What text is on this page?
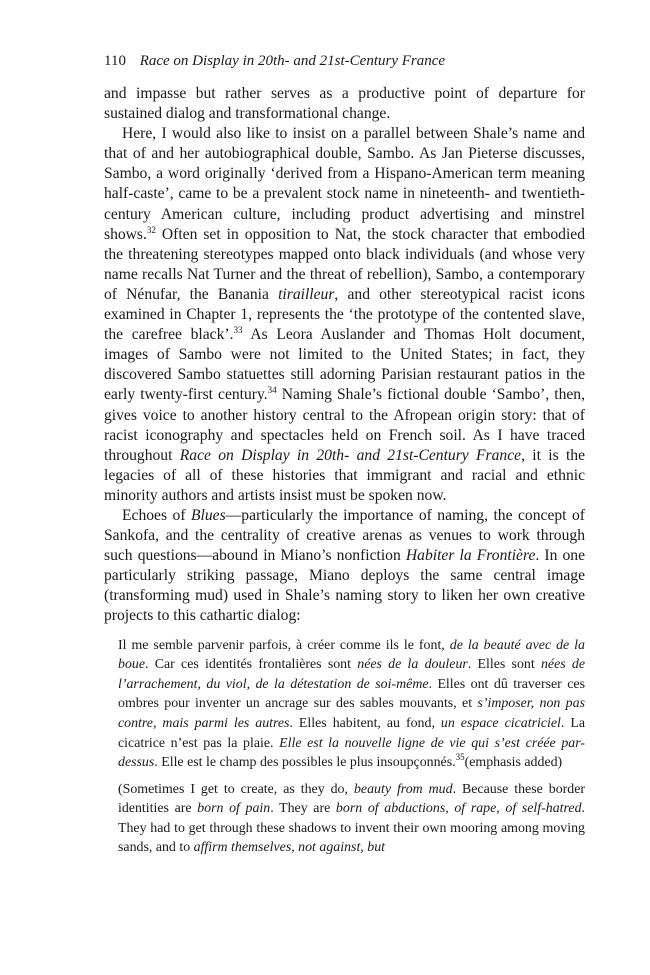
110 Race on Display in 20th- and 21st-Century France

and impasse but rather serves as a productive point of departure for sustained dialog and transformational change.

Here, I would also like to insist on a parallel between Shale’s name and that of and her autobiographical double, Sambo. As Jan Pieterse discusses, Sambo, a word originally ‘derived from a Hispano-American term meaning half-caste’, came to be a prevalent stock name in nineteenth- and twentieth-century American culture, including product advertising and minstrel shows.$^{32}$ Often set in opposition to Nat, the stock character that embodied the threatening stereotypes mapped onto black individuals (and whose very name recalls Nat Turner and the threat of rebellion), Sambo, a contemporary of Nénufar, the Banania tirailleur, and other stereotypical racist icons examined in Chapter 1, represents the ‘the prototype of the contented slave, the carefree black’.$^{33}$ As Leora Auslander and Thomas Holt document, images of Sambo were not limited to the United States; in fact, they discovered Sambo statuettes still adorning Parisian restaurant patios in the early twenty-first century.$^{34}$ Naming Shale’s fictional double ‘Sambo’, then, gives voice to another history central to the Afropean origin story: that of racist iconography and spectacles held on French soil. As I have traced throughout Race on Display in 20th- and 21st-Century France, it is the legacies of all of these histories that immigrant and racial and ethnic minority authors and artists insist must be spoken now.

Echoes of Blues—particularly the importance of naming, the concept of Sankofa, and the centrality of creative arenas as venues to work through such questions—abound in Miano’s nonfiction Habiter la Frontière. In one particularly striking passage, Miano deploys the same central image (transforming mud) used in Shale’s naming story to liken her own creative projects to this cathartic dialog:

Il me semble parvenir parfois, à créer comme ils le font, de la beauté avec de la boue. Car ces identités frontalières sont nées de la douleur. Elles sont nées de l’arrachement, du viol, de la détestation de soi-même. Elles ont dû traverser ces ombres pour inventer un ancrage sur des sables mouvants, et s’imposer, non pas contre, mais parmi les autres. Elles habitent, au fond, un espace cicatriciel. La cicatrice n’est pas la plaie. Elle est la nouvelle ligne de vie qui s’est créée par-dessus. Elle est le champ des possibles le plus insoupçonnés.$^{35}$(emphasis added)

(Sometimes I get to create, as they do, beauty from mud. Because these border identities are born of pain. They are born of abductions, of rape, of self-hatred. They had to get through these shadows to invent their own mooring among moving sands, and to affirm themselves, not against, but
